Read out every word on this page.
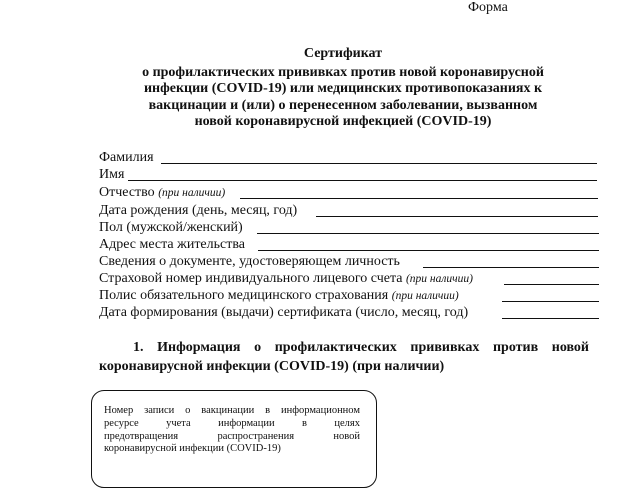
Форма
Сертификат
о профилактических прививках против новой коронавирусной
инфекции (COVID-19) или медицинских противопоказаниях к
вакцинации и (или) о перенесенном заболевании, вызванном
новой коронавирусной инфекцией (COVID-19)
Фамилия
Имя
Отчество (при наличии)
Дата рождения (день, месяц, год)
Пол (мужской/женский)
Адрес места жительства
Сведения о документе, удостоверяющем личность
Страховой номер индивидуального лицевого счета (при наличии)
Полис обязательного медицинского страхования (при наличии)
Дата формирования (выдачи) сертификата (число, месяц, год)
1. Информация о профилактических прививках против новой
коронавирусной инфекции (COVID-19) (при наличии)
Номер записи о вакцинации в информационном
ресурсе учета информации в целях
предотвращения распространения новой
коронавирусной инфекции (COVID-19)
